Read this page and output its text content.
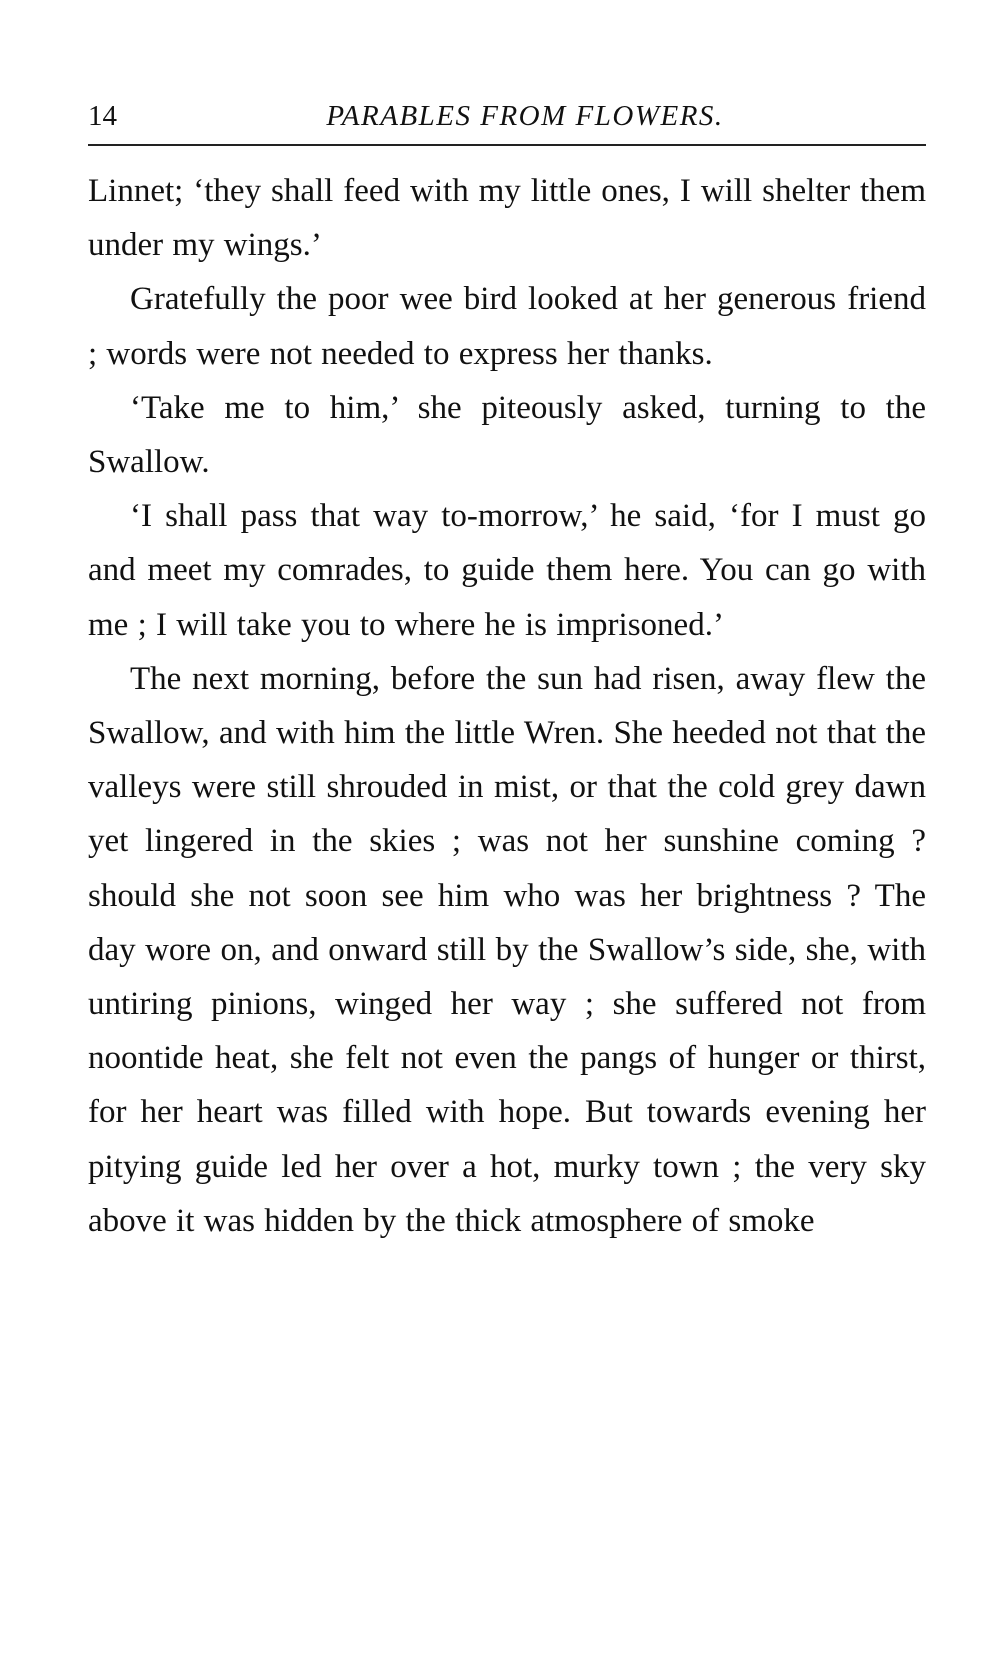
14	PARABLES FROM FLOWERS.

Linnet; ‘they shall feed with my little ones, I will shelter them under my wings.’

Gratefully the poor wee bird looked at her generous friend ; words were not needed to express her thanks.

‘Take me to him,’ she piteously asked, turning to the Swallow.

‘I shall pass that way to-morrow,’ he said, ‘for I must go and meet my comrades, to guide them here. You can go with me ; I will take you to where he is imprisoned.’

The next morning, before the sun had risen, away flew the Swallow, and with him the little Wren. She heeded not that the valleys were still shrouded in mist, or that the cold grey dawn yet lingered in the skies ; was not her sunshine coming ? should she not soon see him who was her brightness ? The day wore on, and onward still by the Swallow’s side, she, with untiring pinions, winged her way ; she suffered not from noontide heat, she felt not even the pangs of hunger or thirst, for her heart was filled with hope. But towards evening her pitying guide led her over a hot, murky town ; the very sky above it was hidden by the thick atmosphere of smoke
